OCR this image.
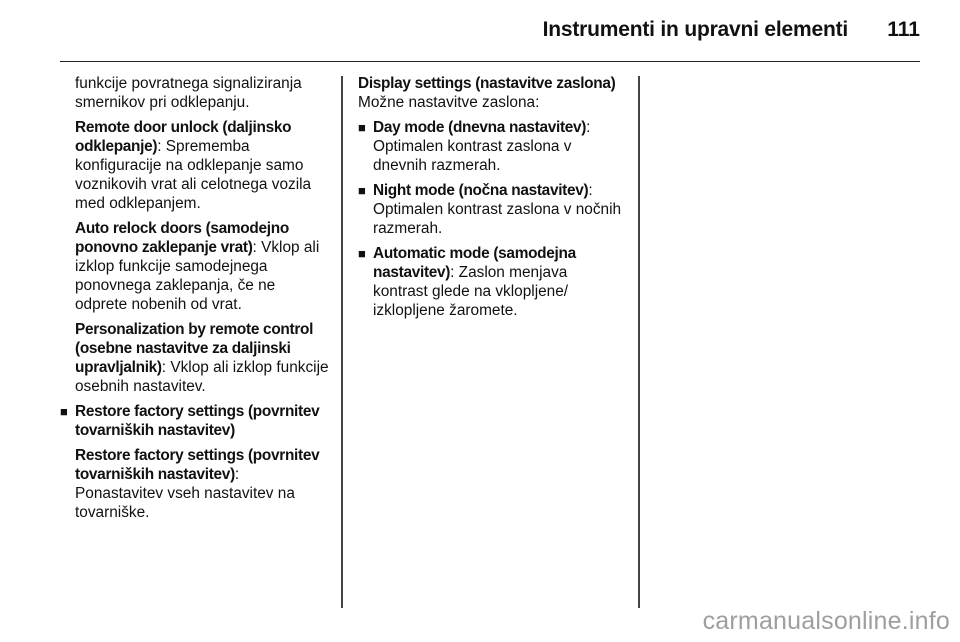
Instrumenti in upravni elementi 111

funkcije povratnega signaliziranja smernikov pri odklepanju.

Remote door unlock (daljinsko odklepanje): Sprememba konfiguracije na odklepanje samo voznikovih vrat ali celotnega vozila med odklepanjem.

Auto relock doors (samodejno ponovno zaklepanje vrat): Vklop ali izklop funkcije samodejnega ponovnega zaklepanja, če ne odprete nobenih od vrat.

Personalization by remote control (osebne nastavitve za daljinski upravljalnik): Vklop ali izklop funkcije osebnih nastavitev.

■ Restore factory settings (povrnitev tovarniških nastavitev)

Restore factory settings (povrnitev tovarniških nastavitev): Ponastavitev vseh nastavitev na tovarniške.

Display settings (nastavitve zaslona)

Možne nastavitve zaslona:

■ Day mode (dnevna nastavitev): Optimalen kontrast zaslona v dnevnih razmerah.
■ Night mode (nočna nastavitev): Optimalen kontrast zaslona v nočnih razmerah.
■ Automatic mode (samodejna nastavitev): Zaslon menjava kontrast glede na vklopljene/ izklopljene žaromete.
carmanualsonline.info
